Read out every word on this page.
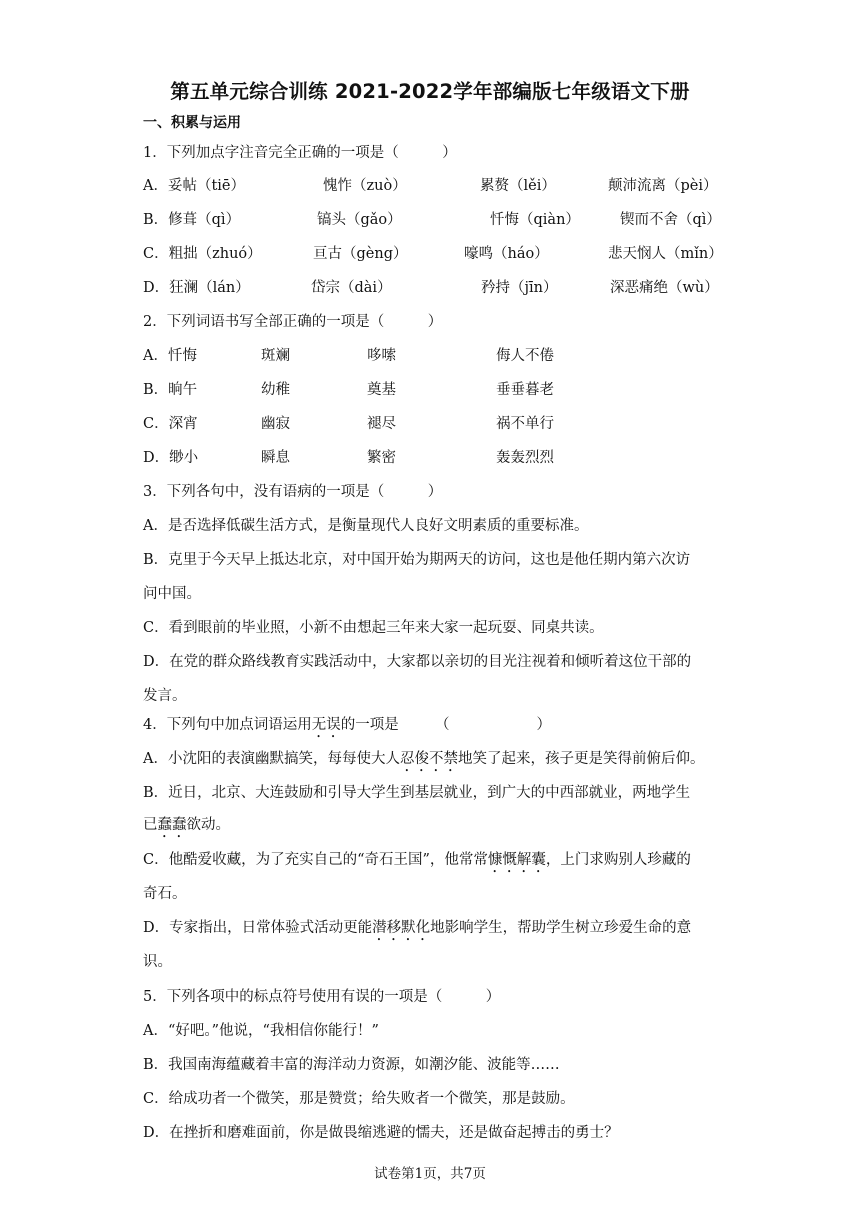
第五单元综合训练 2021-2022学年部编版七年级语文下册
一、积累与运用
1．下列加点字注音完全正确的一项是（　　　）
A．妥帖（tiē）	愧怍（zuò）	累赘（lěi）	颠沛流离（pèi）
B．修葺（qì）	镐头（gǎo）	忏悔（qiàn）	锲而不舍（qì）
C．粗拙（zhuó）	亘古（gèng）	嚎鸣（háo）	悲天悯人（mǐn）
D．狂澜（lán）	岱宗（dài）	矜持（jīn）	深恶痛绝（wù）
2．下列词语书写全部正确的一项是（　　　）
A．忏悔	斑斓	哆嗦	侮人不倦
B．晌午	幼稚	奠基	垂垂暮老
C．深宵	幽寂	褪尽	祸不单行
D．缈小	瞬息	繁密	轰轰烈烈
3．下列各句中，没有语病的一项是（　　　）
A．是否选择低碳生活方式，是衡量现代人良好文明素质的重要标准。
B．克里于今天早上抵达北京，对中国开始为期两天的访问，这也是他任期内第六次访
问中国。
C．看到眼前的毕业照，小新不由想起三年来大家一起玩耍、同桌共读。
D．在党的群众路线教育实践活动中，大家都以亲切的目光注视着和倾听着这位干部的
发言。
4．下列句中加点词语运用无误的一项是　　　（　　　　　　）
A．小沈阳的表演幽默搞笑，每每使大人忍俊不禁地笑了起来，孩子更是笑得前俯后仰。
B．近日，北京、大连鼓励和引导大学生到基层就业，到广大的中西部就业，两地学生
已蠢蠢欲动。
C．他酷爱收藏，为了充实自己的“奇石王国”，他常常慷慨解囊，上门求购别人珍藏的
奇石。
D．专家指出，日常体验式活动更能潜移默化地影响学生，帮助学生树立珍爱生命的意
识。
5．下列各项中的标点符号使用有误的一项是（　　　）
A．“好吧。”他说，“我相信你能行！”
B．我国南海蕴藏着丰富的海洋动力资源，如潮汐能、波能等……
C．给成功者一个微笑，那是赞赏；给失败者一个微笑，那是鼓励。
D．在挫折和磨难面前，你是做畏缩逃避的懦夫，还是做奋起搏击的勇士？
试卷第1页，共7页
